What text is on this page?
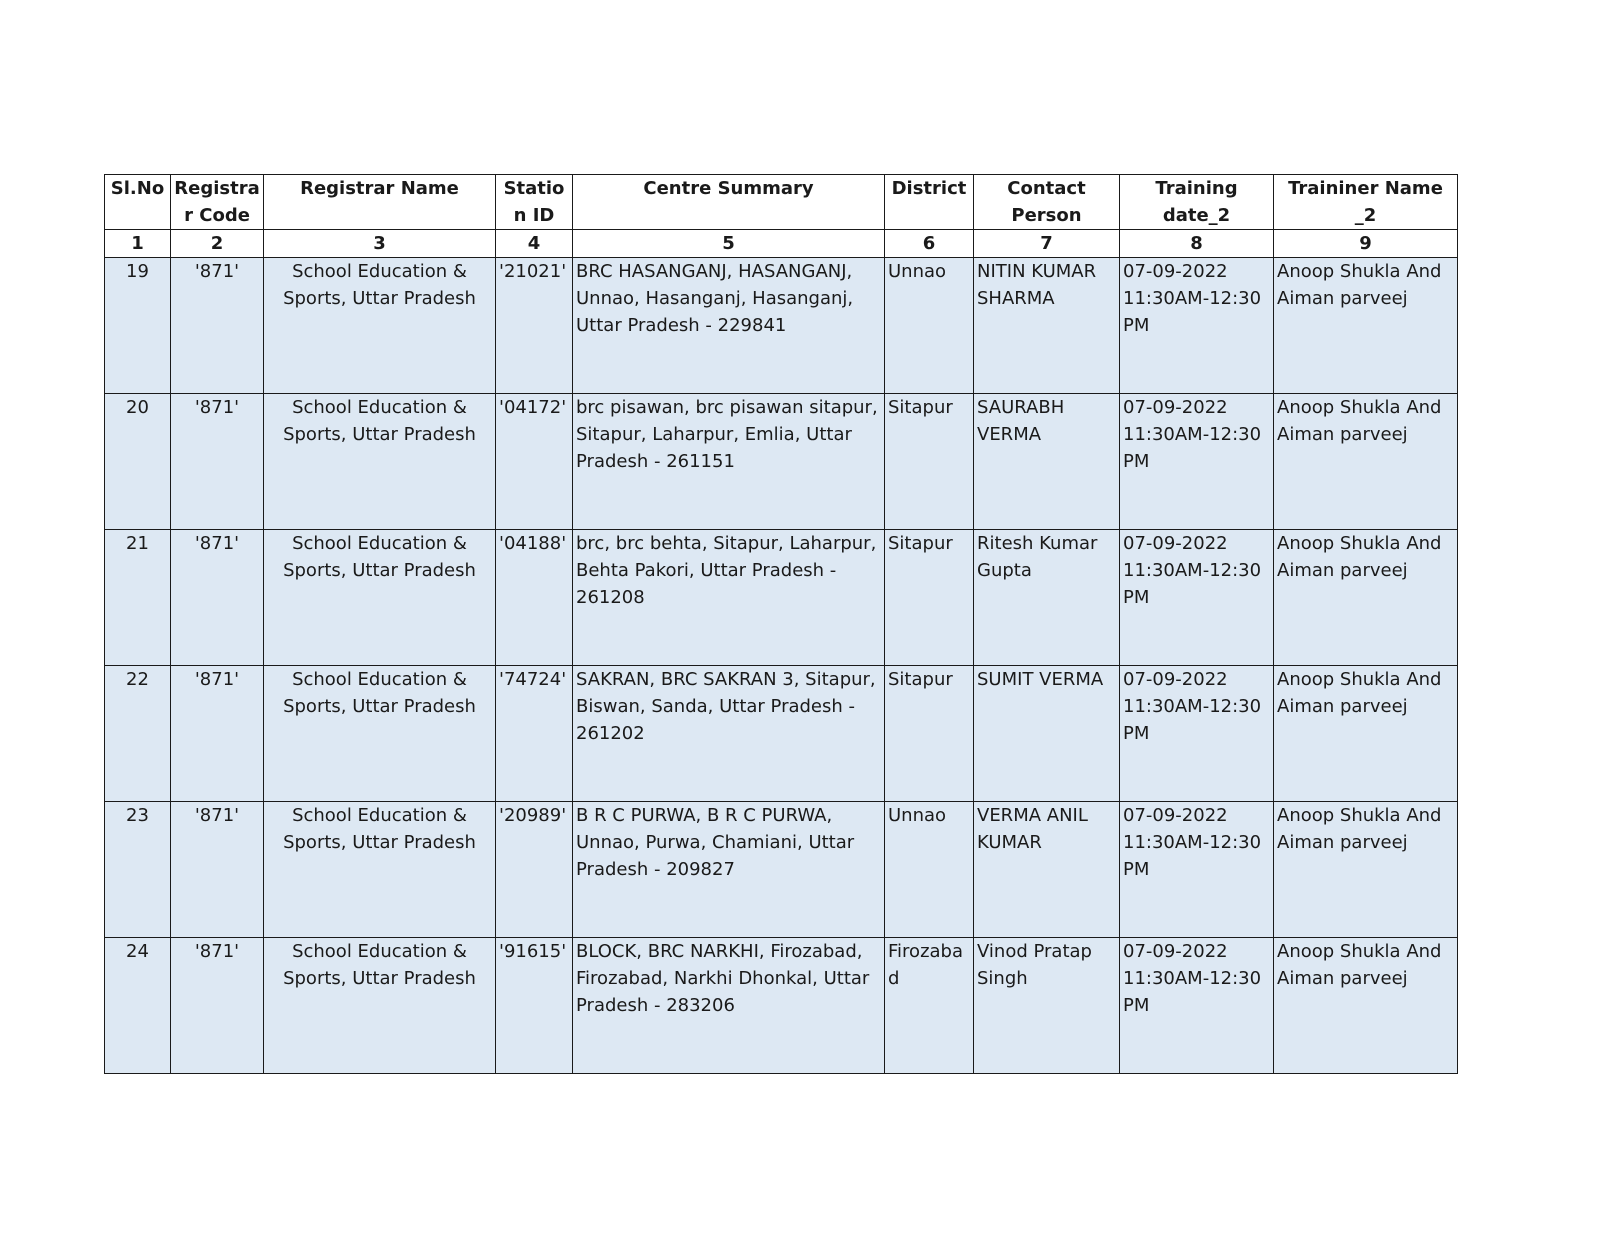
Sl.No	Registrar Code	Registrar Name	Station ID	Centre Summary	District	Contact Person	Training date_2	Traininer Name _2
1	2	3	4	5	6	7	8	9
19	'871'	School Education & Sports, Uttar Pradesh	'21021'	BRC HASANGANJ, HASANGANJ, Unnao, Hasanganj, Hasanganj, Uttar Pradesh - 229841	Unnao	NITIN KUMAR SHARMA	07-09-2022 11:30AM-12:30 PM	Anoop Shukla And Aiman parveej
20	'871'	School Education & Sports, Uttar Pradesh	'04172'	brc pisawan, brc pisawan sitapur, Sitapur, Laharpur, Emlia, Uttar Pradesh - 261151	Sitapur	SAURABH VERMA	07-09-2022 11:30AM-12:30 PM	Anoop Shukla And Aiman parveej
21	'871'	School Education & Sports, Uttar Pradesh	'04188'	brc, brc behta, Sitapur, Laharpur, Behta Pakori, Uttar Pradesh - 261208	Sitapur	Ritesh Kumar Gupta	07-09-2022 11:30AM-12:30 PM	Anoop Shukla And Aiman parveej
22	'871'	School Education & Sports, Uttar Pradesh	'74724'	SAKRAN, BRC SAKRAN 3, Sitapur, Biswan, Sanda, Uttar Pradesh - 261202	Sitapur	SUMIT VERMA	07-09-2022 11:30AM-12:30 PM	Anoop Shukla And Aiman parveej
23	'871'	School Education & Sports, Uttar Pradesh	'20989'	B R C PURWA, B R C PURWA, Unnao, Purwa, Chamiani, Uttar Pradesh - 209827	Unnao	VERMA ANIL KUMAR	07-09-2022 11:30AM-12:30 PM	Anoop Shukla And Aiman parveej
24	'871'	School Education & Sports, Uttar Pradesh	'91615'	BLOCK, BRC NARKHI, Firozabad, Firozabad, Narkhi Dhonkal, Uttar Pradesh - 283206	Firozabad	Vinod Pratap Singh	07-09-2022 11:30AM-12:30 PM	Anoop Shukla And Aiman parveej
